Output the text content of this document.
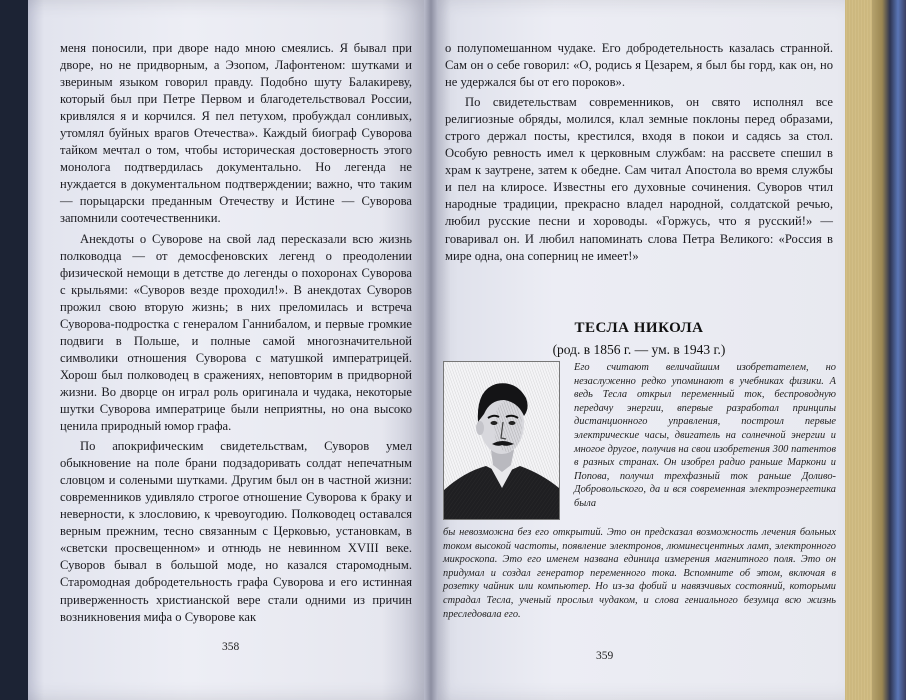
меня поносили, при дворе надо мною смеялись. Я бывал при дворе, но не придворным, а Эзопом, Лафонтеном: шутками и звериным языком говорил правду. Подобно шуту Балакиреву, который был при Петре Первом и благодетельствовал России, кривлялся я и корчился. Я пел петухом, пробуждал сонливых, утомлял буйных врагов Отечества». Каждый биограф Суворова тайком мечтал о том, чтобы историческая достоверность этого монолога подтвердилась документально. Но легенда не нуждается в документальном подтверждении; важно, что таким — порыцарски преданным Отечеству и Истине — Суворова запомнили соотечественники.

Анекдоты о Суворове на свой лад пересказали всю жизнь полководца — от демосфеновских легенд о преодолении физической немощи в детстве до легенды о похоронах Суворова с крыльями: «Суворов везде проходил!». В анекдотах Суворов прожил свою вторую жизнь; в них преломилась и встреча Суворова-подростка с генералом Ганнибалом, и первые громкие подвиги в Польше, и полные самой многозначительной символики отношения Суворова с матушкой императрицей. Хорош был полководец в сражениях, неповторим в придворной жизни. Во дворце он играл роль оригинала и чудака, некоторые шутки Суворова императрице были неприятны, но она высоко ценила природный юмор графа.

По апокрифическим свидетельствам, Суворов умел обыкновение на поле брани подзадоривать солдат непечатным словцом и солеными шутками. Другим был он в частной жизни: современников удивляло строгое отношение Суворова к браку и неверности, к злословию, к чревоугодию. Полководец оставался верным прежним, тесно связанным с Церковью, установкам, в «светски просвещенном» и отнюдь не невинном XVIII веке. Суворов бывал в большой моде, но казался старомодным. Старомодная добродетельность графа Суворова и его истинная приверженность христианской вере стали одними из причин возникновения мифа о Суворове как

358

о полупомешанном чудаке. Его добродетельность казалась странной. Сам он о себе говорил: «О, родись я Цезарем, я был бы горд, как он, но не удержался бы от его пороков».

По свидетельствам современников, он свято исполнял все религиозные обряды, молился, клал земные поклоны перед образами, строго держал посты, крестился, входя в покои и садясь за стол. Особую ревность имел к церковным службам: на рассвете спешил в храм к заутрене, затем к обедне. Сам читал Апостола во время службы и пел на клиросе. Известны его духовные сочинения. Суворов чтил народные традиции, прекрасно владел народной, солдатской речью, любил русские песни и хороводы. «Горжусь, что я русский!» — говаривал он. И любил напоминать слова Петра Великого: «Россия в мире одна, она соперниц не имеет!»

ТЕСЛА НИКОЛА
(род. в 1856 г. — ум. в 1943 г.)
Его считают величайшим изобретателем, но незаслуженно редко упоминают в учебниках физики. А ведь Тесла открыл переменный ток, беспроводную передачу энергии, впервые разработал принципы дистанционного управления, построил первые электрические часы, двигатель на солнечной энергии и многое другое, получив на свои изобретения 300 патентов в разных странах. Он изобрел радио раньше Маркони и Попова, получил трехфазный ток раньше Доливо-Добровольского, да и вся современная электроэнергетика была
бы невозможна без его открытий. Это он предсказал возможность лечения больных током высокой частоты, появление электронов, люминесцентных ламп, электронного микроскопа. Это его именем названа единица измерения магнитного поля. Это он придумал и создал генератор переменного тока. Вспомните об этом, включая в розетку чайник или компьютер. Но из-за фобий и навязчивых состояний, которыми страдал Тесла, ученый прослыл чудаком, и слова гениального безумца всю жизнь преследовала его.
359
